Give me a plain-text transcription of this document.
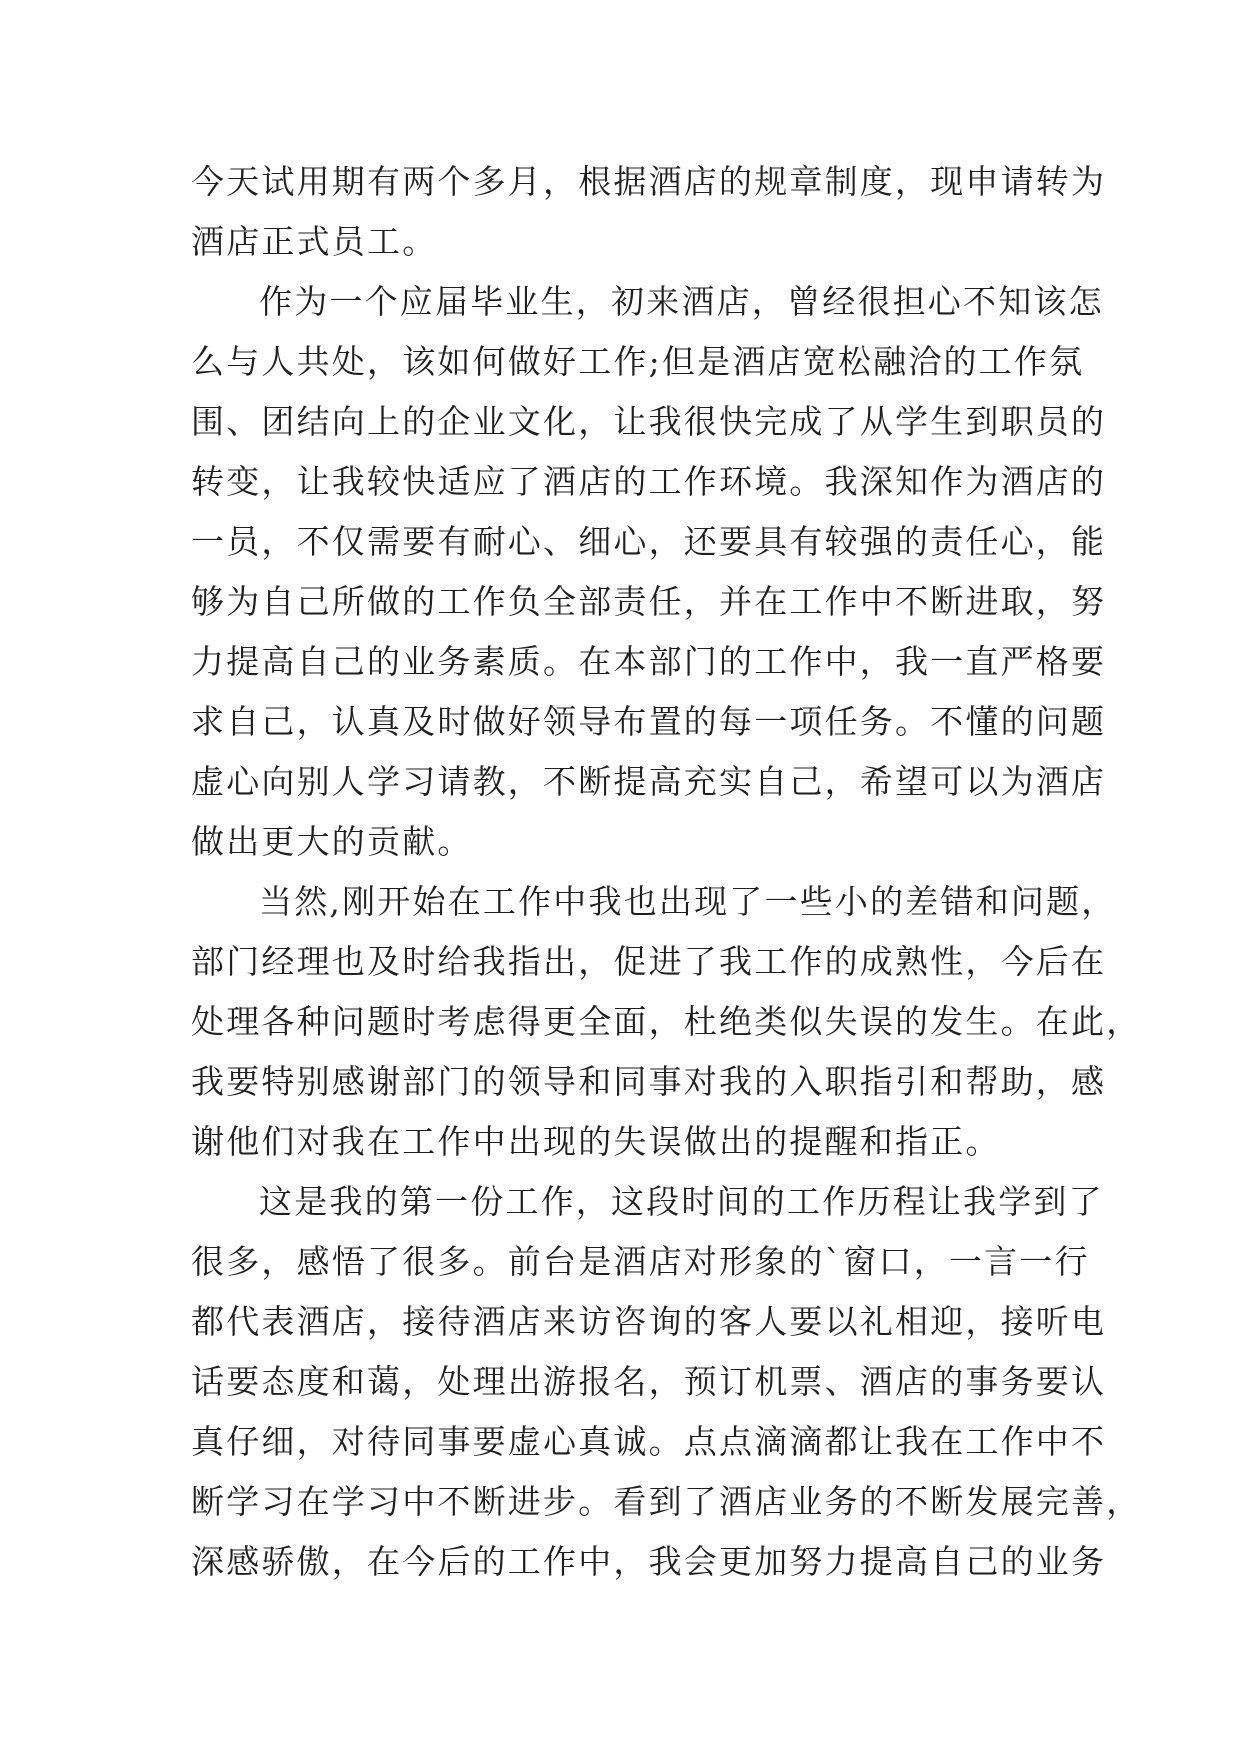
今天试用期有两个多月，根据酒店的规章制度，现申请转为
酒店正式员工。
作为一个应届毕业生，初来酒店，曾经很担心不知该怎
么与人共处，该如何做好工作;但是酒店宽松融洽的工作氛
围、团结向上的企业文化，让我很快完成了从学生到职员的
转变，让我较快适应了酒店的工作环境。我深知作为酒店的
一员，不仅需要有耐心、细心，还要具有较强的责任心，能
够为自己所做的工作负全部责任，并在工作中不断进取，努
力提高自己的业务素质。在本部门的工作中，我一直严格要
求自己，认真及时做好领导布置的每一项任务。不懂的问题
虚心向别人学习请教，不断提高充实自己，希望可以为酒店
做出更大的贡献。
当然,刚开始在工作中我也出现了一些小的差错和问题，
部门经理也及时给我指出，促进了我工作的成熟性，今后在
处理各种问题时考虑得更全面，杜绝类似失误的发生。在此，
我要特别感谢部门的领导和同事对我的入职指引和帮助，感
谢他们对我在工作中出现的失误做出的提醒和指正。
这是我的第一份工作，这段时间的工作历程让我学到了
很多，感悟了很多。前台是酒店对形象的`窗口，一言一行
都代表酒店，接待酒店来访咨询的客人要以礼相迎，接听电
话要态度和蔼，处理出游报名，预订机票、酒店的事务要认
真仔细，对待同事要虚心真诚。点点滴滴都让我在工作中不
断学习在学习中不断进步。看到了酒店业务的不断发展完善，
深感骄傲，在今后的工作中，我会更加努力提高自己的业务
